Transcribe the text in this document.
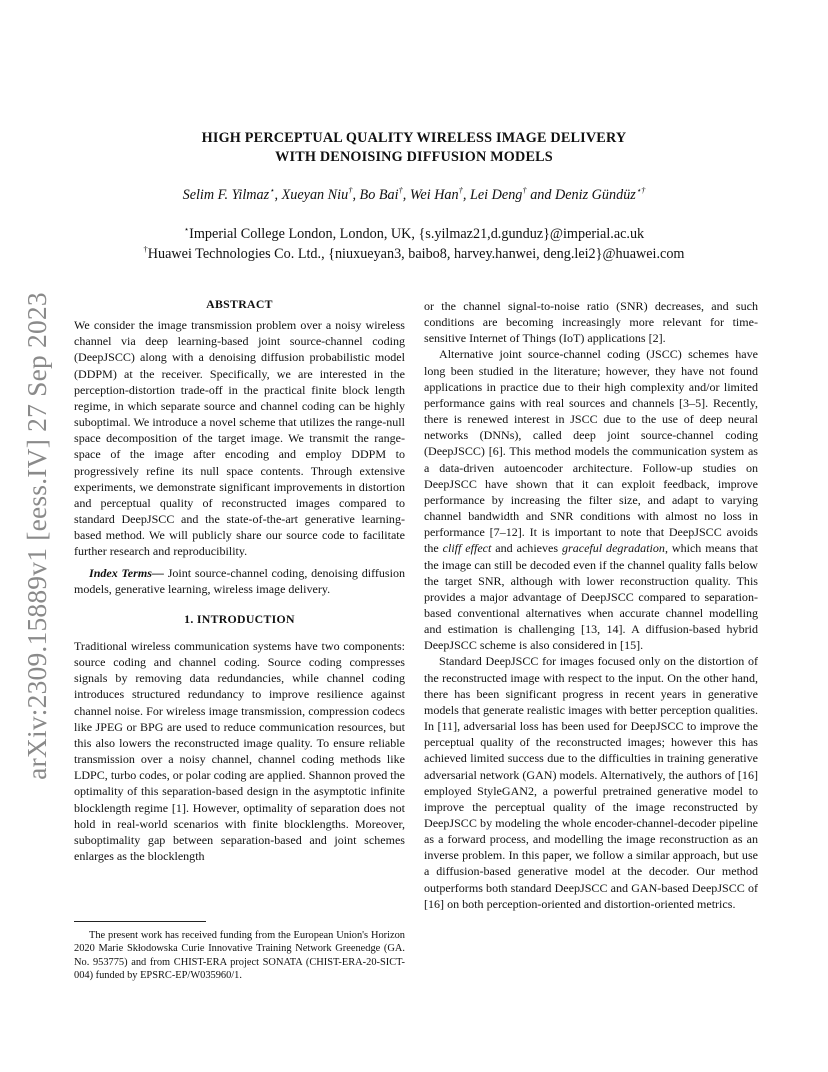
arXiv:2309.15889v1 [eess.IV] 27 Sep 2023
HIGH PERCEPTUAL QUALITY WIRELESS IMAGE DELIVERY
WITH DENOISING DIFFUSION MODELS
Selim F. Yilmaz⋆, Xueyan Niu†, Bo Bai†, Wei Han†, Lei Deng† and Deniz Gündüz⋆†
⋆Imperial College London, London, UK, {s.yilmaz21,d.gunduz}@imperial.ac.uk
†Huawei Technologies Co. Ltd., {niuxueyan3, baibo8, harvey.hanwei, deng.lei2}@huawei.com
ABSTRACT

We consider the image transmission problem over a noisy wireless channel via deep learning-based joint source-channel coding (DeepJSCC) along with a denoising diffusion probabilistic model (DDPM) at the receiver. Specifically, we are interested in the perception-distortion trade-off in the practical finite block length regime, in which separate source and channel coding can be highly suboptimal. We introduce a novel scheme that utilizes the range-null space decomposition of the target image. We transmit the range-space of the image after encoding and employ DDPM to progressively refine its null space contents. Through extensive experiments, we demonstrate significant improvements in distortion and perceptual quality of reconstructed images compared to standard DeepJSCC and the state-of-the-art generative learning-based method. We will publicly share our source code to facilitate further research and reproducibility.

Index Terms— Joint source-channel coding, denoising diffusion models, generative learning, wireless image delivery.

1. INTRODUCTION

Traditional wireless communication systems have two components: source coding and channel coding. Source coding compresses signals by removing data redundancies, while channel coding introduces structured redundancy to improve resilience against channel noise. For wireless image transmission, compression codecs like JPEG or BPG are used to reduce communication resources, but this also lowers the reconstructed image quality. To ensure reliable transmission over a noisy channel, channel coding methods like LDPC, turbo codes, or polar coding are applied. Shannon proved the optimality of this separation-based design in the asymptotic infinite blocklength regime [1]. However, optimality of separation does not hold in real-world scenarios with finite blocklengths. Moreover, suboptimality gap between separation-based and joint schemes enlarges as the blocklength

or the channel signal-to-noise ratio (SNR) decreases, and such conditions are becoming increasingly more relevant for time-sensitive Internet of Things (IoT) applications [2].

Alternative joint source-channel coding (JSCC) schemes have long been studied in the literature; however, they have not found applications in practice due to their high complexity and/or limited performance gains with real sources and channels [3–5]. Recently, there is renewed interest in JSCC due to the use of deep neural networks (DNNs), called deep joint source-channel coding (DeepJSCC) [6]. This method models the communication system as a data-driven autoencoder architecture. Follow-up studies on DeepJSCC have shown that it can exploit feedback, improve performance by increasing the filter size, and adapt to varying channel bandwidth and SNR conditions with almost no loss in performance [7–12]. It is important to note that DeepJSCC avoids the cliff effect and achieves graceful degradation, which means that the image can still be decoded even if the channel quality falls below the target SNR, although with lower reconstruction quality. This provides a major advantage of DeepJSCC compared to separation-based conventional alternatives when accurate channel modelling and estimation is challenging [13, 14]. A diffusion-based hybrid DeepJSCC scheme is also considered in [15].

Standard DeepJSCC for images focused only on the distortion of the reconstructed image with respect to the input. On the other hand, there has been significant progress in recent years in generative models that generate realistic images with better perception qualities. In [11], adversarial loss has been used for DeepJSCC to improve the perceptual quality of the reconstructed images; however this has achieved limited success due to the difficulties in training generative adversarial network (GAN) models. Alternatively, the authors of [16] employed StyleGAN2, a powerful pretrained generative model to improve the perceptual quality of the image reconstructed by DeepJSCC by modeling the whole encoder-channel-decoder pipeline as a forward process, and modelling the image reconstruction as an inverse problem. In this paper, we follow a similar approach, but use a diffusion-based generative model at the decoder. Our method outperforms both standard DeepJSCC and GAN-based DeepJSCC of [16] on both perception-oriented and distortion-oriented metrics.

The present work has received funding from the European Union's Horizon 2020 Marie Skłodowska Curie Innovative Training Network Greenedge (GA. No. 953775) and from CHIST-ERA project SONATA (CHIST-ERA-20-SICT-004) funded by EPSRC-EP/W035960/1.
